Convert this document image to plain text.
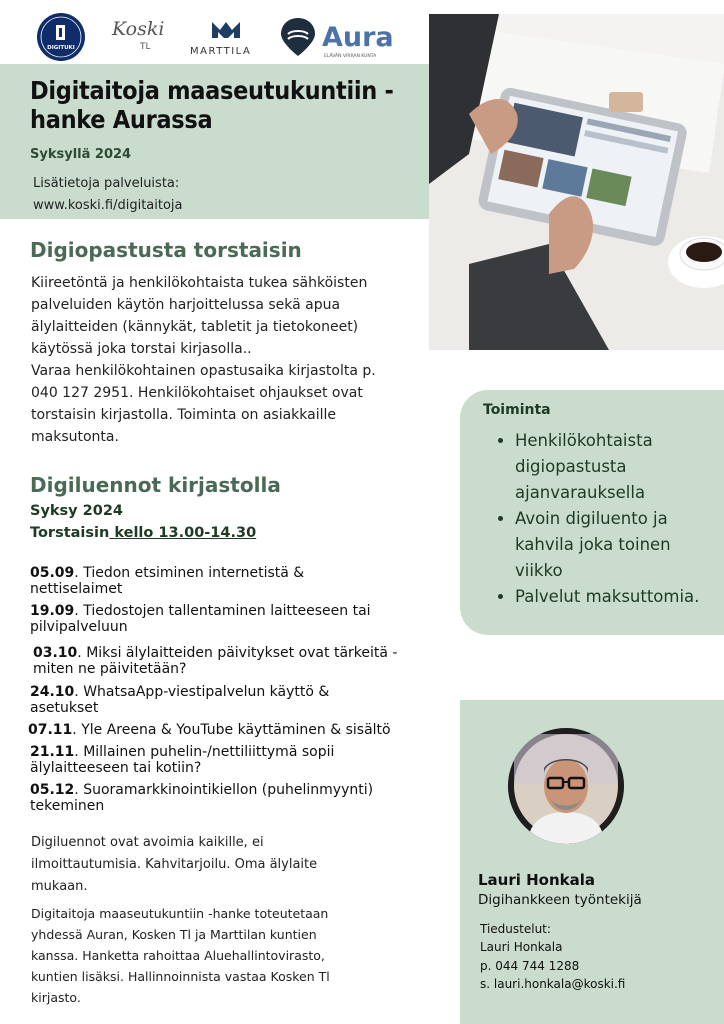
DIGITUKI
Koski
TL	MARTTILA	Aura
ELÄVÄN VIRRAN KUNTA
Digitaitoja maaseutukuntiin -
hanke Aurassa
Syksyllä 2024
Lisätietoja palveluista:
www.koski.fi/digitaitoja
Digiopastusta torstaisin
Kiireetöntä ja henkilökohtaista tukea sähköisten
palveluiden käytön harjoittelussa sekä apua
älylaitteiden (kännykät, tabletit ja tietokoneet)
käytössä joka torstai kirjasolla..
Varaa henkilökohtainen opastusaika kirjastolta p.
040 127 2951. Henkilökohtaiset ohjaukset ovat
torstaisin kirjastolla. Toiminta on asiakkaille
maksutonta.
Toiminta
• Henkilökohtaista
digiopastusta
ajanvarauksella
• Avoin digiluento ja
kahvila joka toinen
viikko
• Palvelut maksuttomia.
Digiluennot kirjastolla
Syksy 2024
Torstaisin kello 13.00-14.30
05.09. Tiedon etsiminen internetistä &
nettiselaimet
19.09. Tiedostojen tallentaminen laitteeseen tai
pilvipalveluun
03.10. Miksi älylaitteiden päivitykset ovat tärkeitä -
miten ne päivitetään?
24.10. WhatsaApp-viestipalvelun käyttö &
asetukset
07.11. Yle Areena & YouTube käyttäminen & sisältö
21.11. Millainen puhelin-/nettiliittymä sopii
älylaitteeseen tai kotiin?
05.12. Suoramarkkinointikiellon (puhelinmyynti)
tekeminen
Digiluennot ovat avoimia kaikille, ei
ilmoittautumisia. Kahvitarjoilu. Oma älylaite
mukaan.
Digitaitoja maaseutukuntiin -hanke toteutetaan
yhdessä Auran, Kosken Tl ja Marttilan kuntien
kanssa. Hanketta rahoittaa Aluehallintovirasto,
kuntien lisäksi. Hallinnoinnista vastaa Kosken Tl
kirjasto.
Lauri Honkala
Digihankkeen työntekijä
Tiedustelut:
Lauri Honkala
p. 044 744 1288
s. lauri.honkala@koski.fi
